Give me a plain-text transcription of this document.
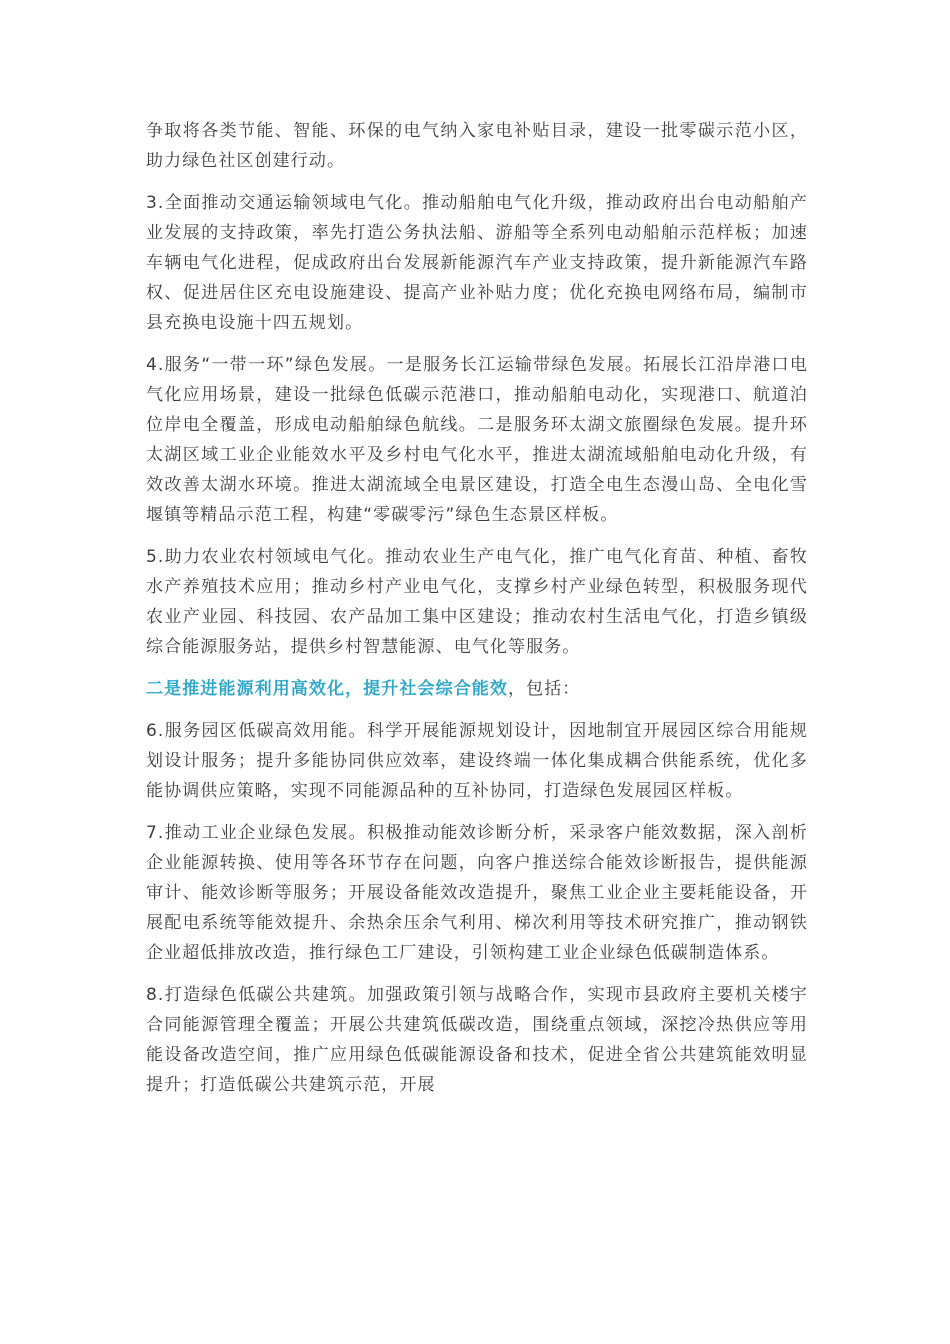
争取将各类节能、智能、环保的电气纳入家电补贴目录，建设一批零碳示范小区，助力绿色社区创建行动。

3.全面推动交通运输领域电气化。推动船舶电气化升级，推动政府出台电动船舶产业发展的支持政策，率先打造公务执法船、游船等全系列电动船舶示范样板；加速车辆电气化进程，促成政府出台发展新能源汽车产业支持政策，提升新能源汽车路权、促进居住区充电设施建设、提高产业补贴力度；优化充换电网络布局，编制市县充换电设施十四五规划。

4.服务“一带一环”绿色发展。一是服务长江运输带绿色发展。拓展长江沿岸港口电气化应用场景，建设一批绿色低碳示范港口，推动船舶电动化，实现港口、航道泊位岸电全覆盖，形成电动船舶绿色航线。二是服务环太湖文旅圈绿色发展。提升环太湖区域工业企业能效水平及乡村电气化水平，推进太湖流域船舶电动化升级，有效改善太湖水环境。推进太湖流域全电景区建设，打造全电生态漫山岛、全电化雪堰镇等精品示范工程，构建“零碳零污”绿色生态景区样板。

5.助力农业农村领域电气化。推动农业生产电气化，推广电气化育苗、种植、畜牧水产养殖技术应用；推动乡村产业电气化，支撑乡村产业绿色转型，积极服务现代农业产业园、科技园、农产品加工集中区建设；推动农村生活电气化，打造乡镇级综合能源服务站，提供乡村智慧能源、电气化等服务。

二是推进能源利用高效化，提升社会综合能效，包括：

6.服务园区低碳高效用能。科学开展能源规划设计，因地制宜开展园区综合用能规划设计服务；提升多能协同供应效率，建设终端一体化集成耦合供能系统，优化多能协调供应策略，实现不同能源品种的互补协同，打造绿色发展园区样板。

7.推动工业企业绿色发展。积极推动能效诊断分析，采录客户能效数据，深入剖析企业能源转换、使用等各环节存在问题，向客户推送综合能效诊断报告，提供能源审计、能效诊断等服务；开展设备能效改造提升，聚焦工业企业主要耗能设备，开展配电系统等能效提升、余热余压余气利用、梯次利用等技术研究推广，推动钢铁企业超低排放改造，推行绿色工厂建设，引领构建工业企业绿色低碳制造体系。

8.打造绿色低碳公共建筑。加强政策引领与战略合作，实现市县政府主要机关楼宇合同能源管理全覆盖；开展公共建筑低碳改造，围绕重点领域，深挖冷热供应等用能设备改造空间，推广应用绿色低碳能源设备和技术，促进全省公共建筑能效明显提升；打造低碳公共建筑示范，开展
